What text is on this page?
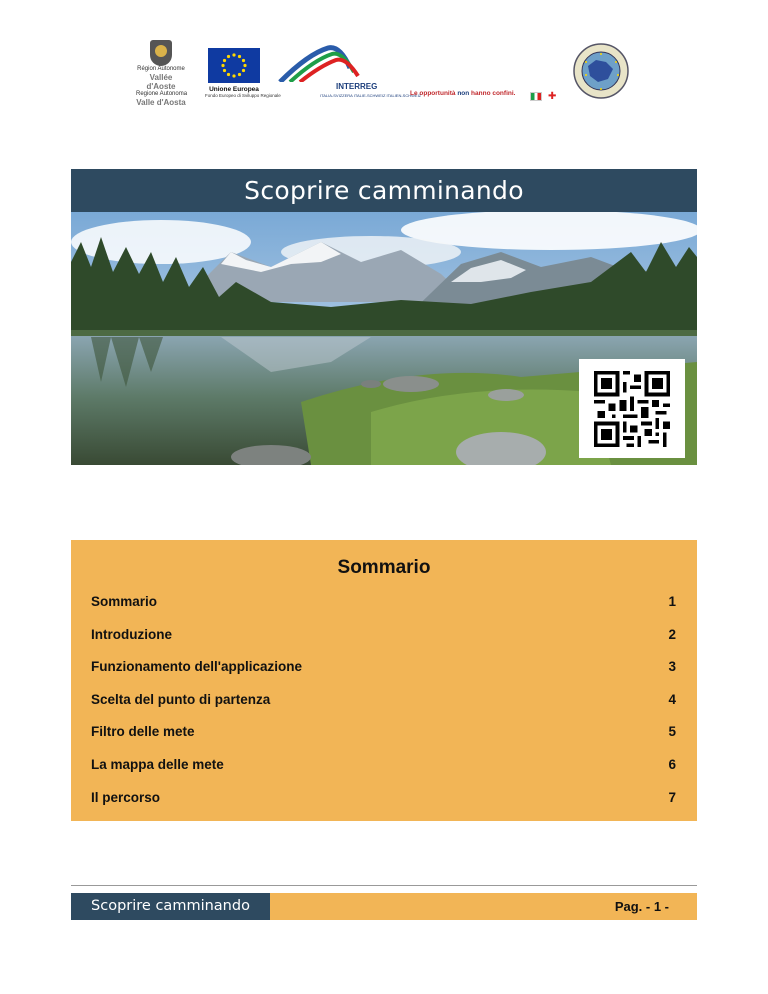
Région Autonome
Vallée d'Aoste
Regione Autonoma
Valle d'Aosta
Unione Europea
Fondo Europeo di Sviluppo Regionale
INTERREG
ITALIA-SVIZZERA ITALIE-SCHWEIZ ITALIEN-SCHWEIZ
Le opportunità non hanno confini.	✚
Scoprire camminando
Sommario
Sommario	1
Introduzione	2
Funzionamento dell'applicazione	3
Scelta del punto di partenza	4
Filtro delle mete	5
La mappa delle mete	6
Il percorso	7
Scoprire camminando	Pag. - 1 -
